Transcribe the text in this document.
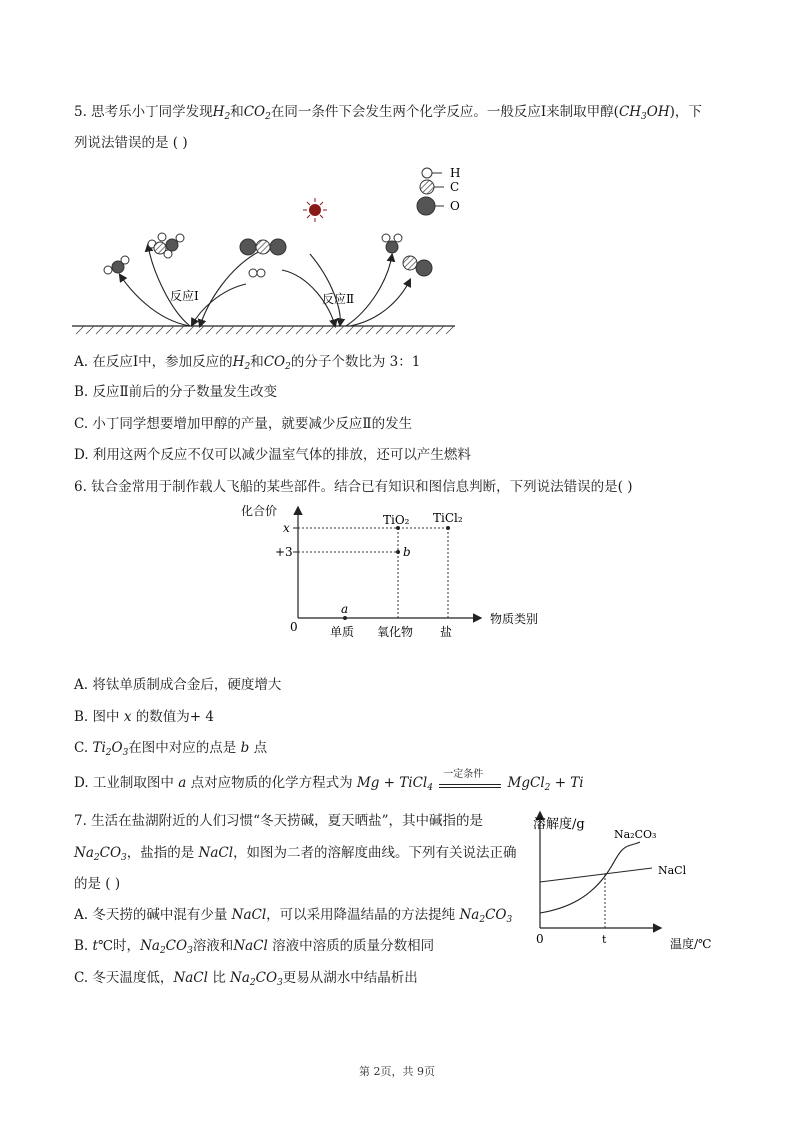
5. 思考乐小丁同学发现$H_2$和$CO_2$在同一条件下会发生两个化学反应。一般反应Ⅰ来制取甲醇$(CH_3OH)$，下
列说法错误的是 ( )
H
C
O
反应Ⅰ	反应Ⅱ
A. 在反应Ⅰ中，参加反应的$H_2$和$CO_2$的分子个数比为 3：1
B. 反应Ⅱ前后的分子数量发生改变
C. 小丁同学想要增加甲醇的产量，就要减少反应Ⅱ的发生
D. 利用这两个反应不仅可以减少温室气体的排放，还可以产生燃料
6. 钛合金常用于制作载人飞船的某些部件。结合已有知识和图信息判断，下列说法错误的是( )
化合价
物质类别
0
x
+3
a
b
TiO₂ TiCl₂
单质 氧化物 盐
A. 将钛单质制成合金后，硬度增大
B. 图中 x 的数值为+ 4
C. $Ti_2O_3$在图中对应的点是 b 点
D. 工业制取图中 a 点对应物质的化学方程式为 Mg + TiCl$_4$
一定条件
MgCl$_2$ + Ti
7. 生活在盐湖附近的人们习惯“冬天捞碱，夏天晒盐”，其中碱指的是
$Na_2CO_3$，盐指的是 NaCl，如图为二者的溶解度曲线。下列有关说法正确
的是 ( )
A. 冬天捞的碱中混有少量 NaCl，可以采用降温结晶的方法提纯 $Na_2CO_3$
B. t℃时，$Na_2CO_3$溶液和NaCl 溶液中溶质的质量分数相同
C. 冬天温度低，NaCl 比 $Na_2CO_3$更易从湖水中结晶析出
溶解度/g
温度/℃
0	t
Na₂CO₃
NaCl
第 2页，共 9页
